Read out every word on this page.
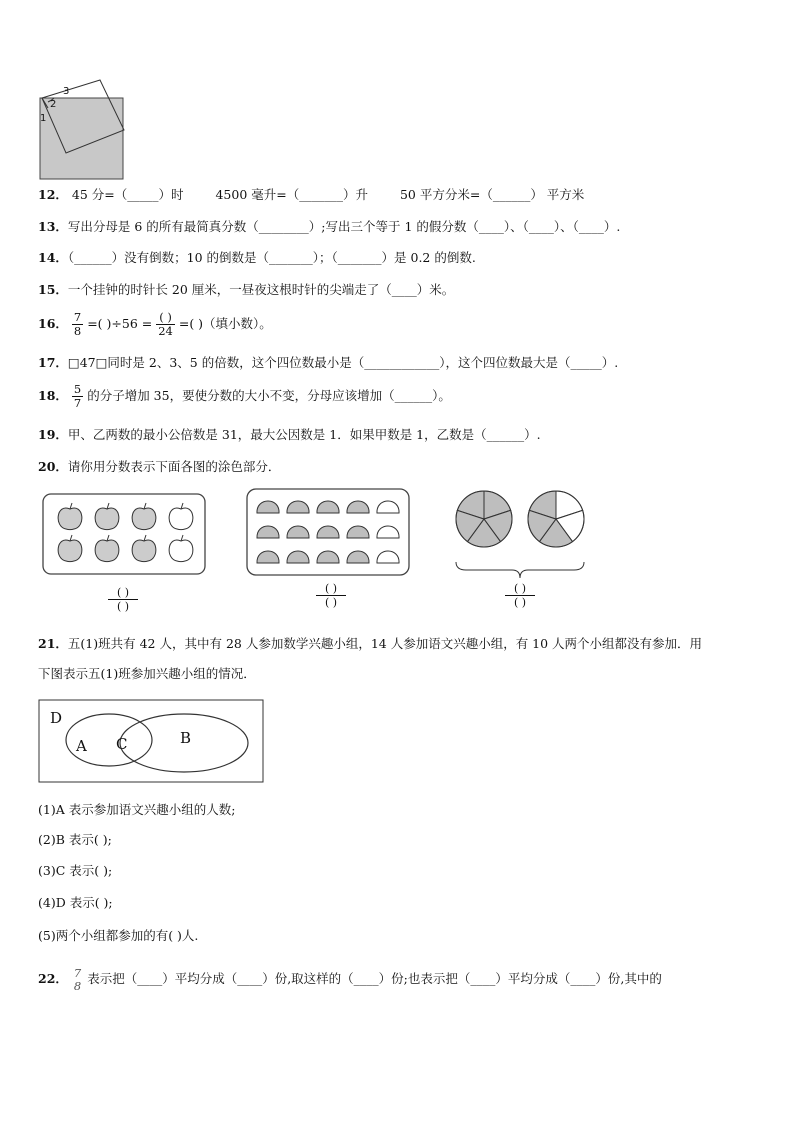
3
2
1
12． 45 分=（_____）时	4500 毫升=（_______）升	50 平方分米=（______） 平方米
13．写出分母是 6 的所有最简真分数（________）;写出三个等于 1 的假分数（____）、（____）、（____）.
14．（______）没有倒数；10 的倒数是（_______）；（_______）是 0.2 的倒数.
15．一个挂钟的时针长 20 厘米，一昼夜这根时针的尖端走了（____）米。
16． $\frac{7}{8}$ =( )$\div 56 = \frac{( )}{24}$ =( )（填小数）。
17．□47□同时是 2、3、5 的倍数，这个四位数最小是（____________），这个四位数最大是（_____）.
18． $\frac{5}{7}$ 的分子增加 35，要使分数的大小不变，分母应该增加（______）。
19．甲、乙两数的最小公倍数是 31，最大公因数是 1．如果甲数是 1，乙数是（______）.
20．请你用分数表示下面各图的涂色部分．
( )
( )
( )
( )
( )
( )
21．五(1)班共有 42 人，其中有 28 人参加数学兴趣小组，14 人参加语文兴趣小组，有 10 人两个小组都没有参加．用
下图表示五(1)班参加兴趣小组的情况．
D
A C	B
(1)A 表示参加语文兴趣小组的人数;
(2)B 表示( );
(3)C 表示( );
(4)D 表示( );
(5)两个小组都参加的有( )人.
22． 7
8 表示把（____）平均分成（____）份,取这样的（____）份;也表示把（____）平均分成（____）份,其中的
